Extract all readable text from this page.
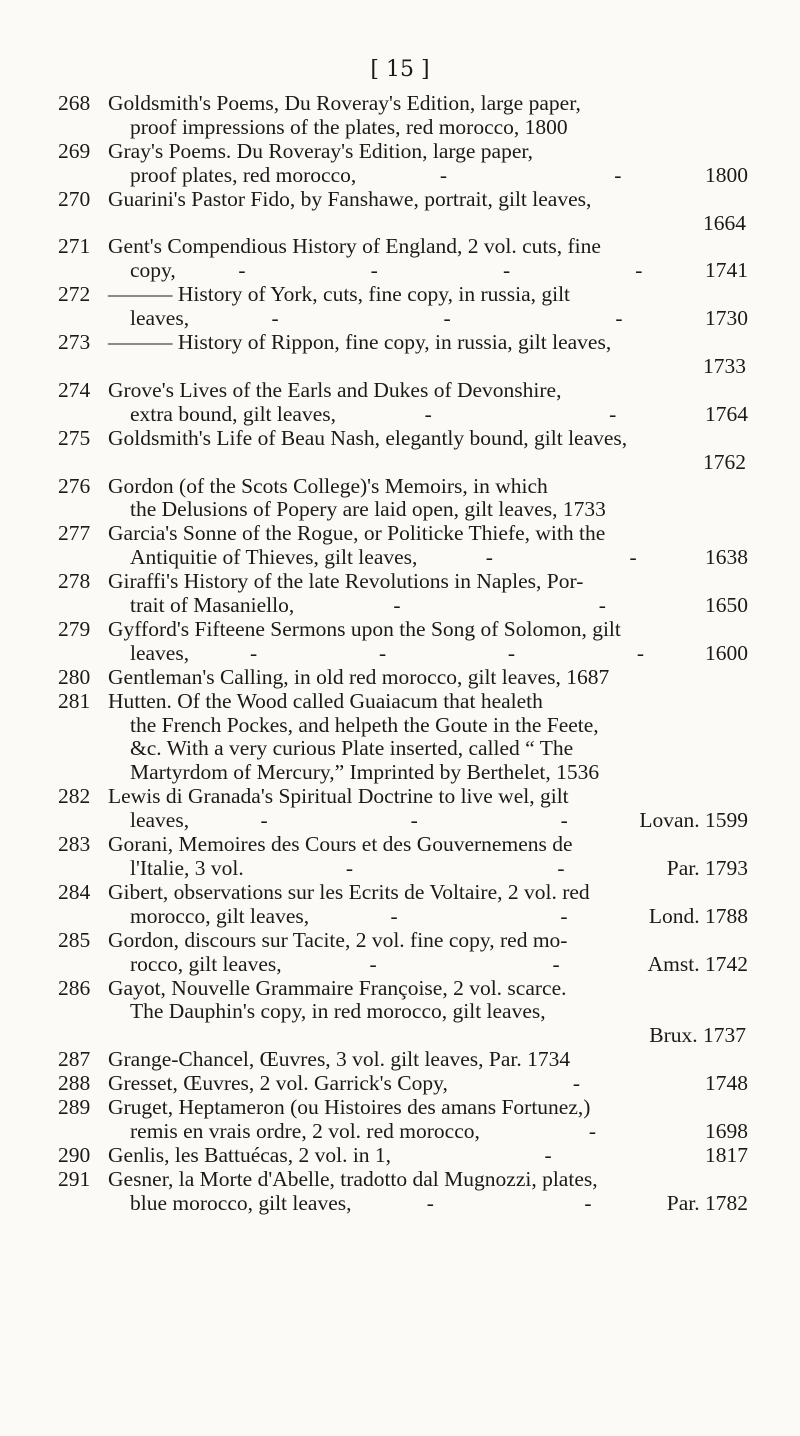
[ 15 ]
268 Goldsmith's Poems, Du Roveray's Edition, large paper,
proof impressions of the plates, red morocco, 1800
269 Gray's Poems. Du Roveray's Edition, large paper,
proof plates, red morocco,	-	-	1800
270 Guarini's Pastor Fido, by Fanshawe, portrait, gilt leaves,
1664
271 Gent's Compendious History of England, 2 vol. cuts, fine
copy,	-	-	-	-	1741
272 ——— History of York, cuts, fine copy, in russia, gilt
leaves,	-	-	-	1730
273 ——— History of Rippon, fine copy, in russia, gilt leaves,
1733
274 Grove's Lives of the Earls and Dukes of Devonshire,
extra bound, gilt leaves,	-	-	1764
275 Goldsmith's Life of Beau Nash, elegantly bound, gilt leaves,
1762
276 Gordon (of the Scots College)'s Memoirs, in which
the Delusions of Popery are laid open, gilt leaves, 1733
277 Garcia's Sonne of the Rogue, or Politicke Thiefe, with the
Antiquitie of Thieves, gilt leaves,	-	-	1638
278 Giraffi's History of the late Revolutions in Naples, Por-
trait of Masaniello,	-	-	1650
279 Gyfford's Fifteene Sermons upon the Song of Solomon, gilt
leaves,	-	-	-	-	1600
280 Gentleman's Calling, in old red morocco, gilt leaves, 1687
281 Hutten. Of the Wood called Guaiacum that healeth
the French Pockes, and helpeth the Goute in the Feete,
&c. With a very curious Plate inserted, called “ The
Martyrdom of Mercury,” Imprinted by Berthelet, 1536
282 Lewis di Granada's Spiritual Doctrine to live wel, gilt
leaves,	-	-	-	Lovan. 1599
283 Gorani, Memoires des Cours et des Gouvernemens de
l'Italie, 3 vol.	-	-	Par. 1793
284 Gibert, observations sur les Ecrits de Voltaire, 2 vol. red
morocco, gilt leaves,	-	-	Lond. 1788
285 Gordon, discours sur Tacite, 2 vol. fine copy, red mo-
rocco, gilt leaves,	-	-	Amst. 1742
286 Gayot, Nouvelle Grammaire Françoise, 2 vol. scarce.
The Dauphin's copy, in red morocco, gilt leaves,
Brux. 1737
287 Grange-Chancel, Œuvres, 3 vol. gilt leaves, Par. 1734
288 Gresset, Œuvres, 2 vol. Garrick's Copy,	-	1748
289 Gruget, Heptameron (ou Histoires des amans Fortunez,)
remis en vrais ordre, 2 vol. red morocco,	-	1698
290 Genlis, les Battuécas, 2 vol. in 1,	-	1817
291 Gesner, la Morte d'Abelle, tradotto dal Mugnozzi, plates,
blue morocco, gilt leaves,	-	-	Par. 1782
